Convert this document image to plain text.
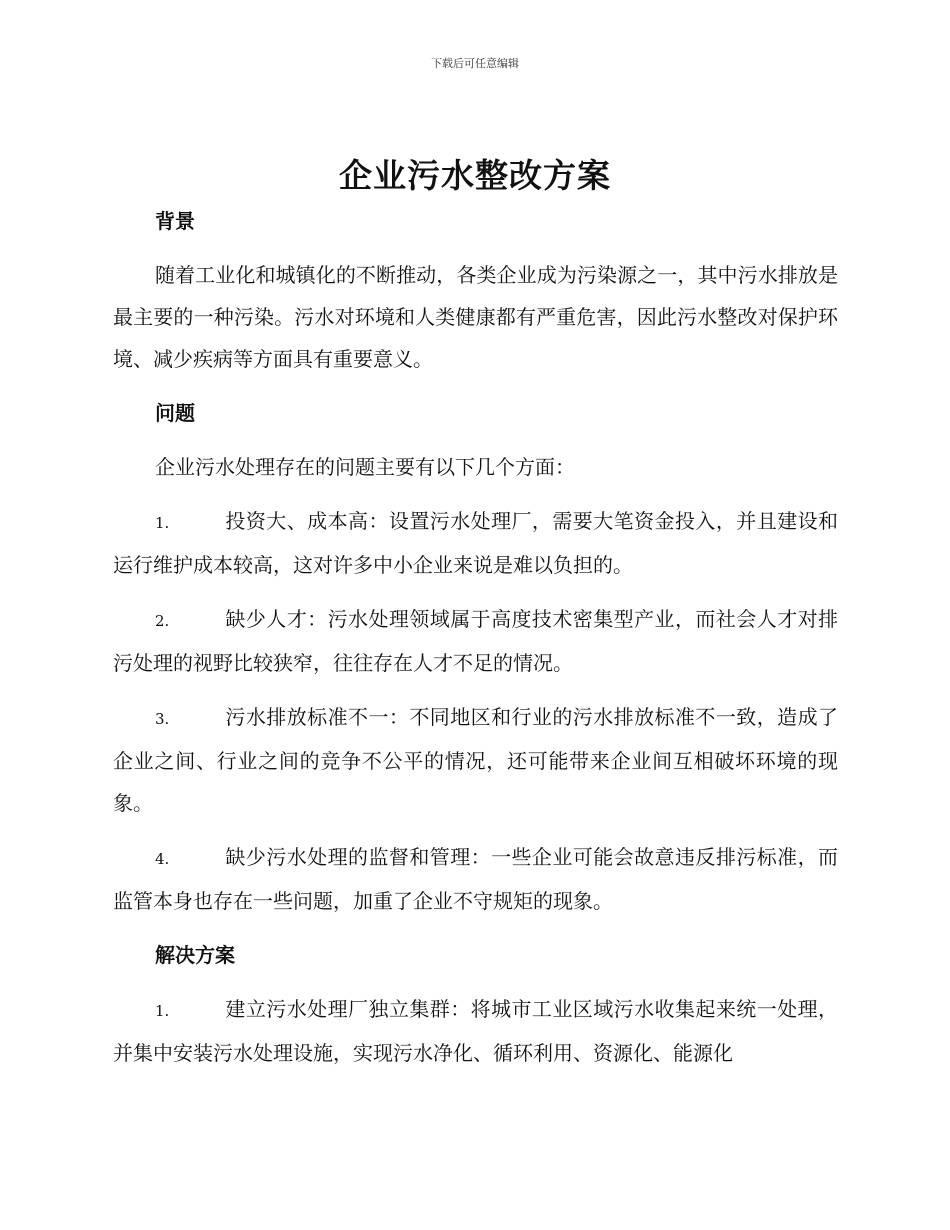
下载后可任意编辑
企业污水整改方案

背景

随着工业化和城镇化的不断推动，各类企业成为污染源之一，其中污水排放是最主要的一种污染。污水对环境和人类健康都有严重危害，因此污水整改对保护环境、减少疾病等方面具有重要意义。

问题

企业污水处理存在的问题主要有以下几个方面：

1.	投资大、成本高：设置污水处理厂，需要大笔资金投入，并且建设和运行维护成本较高，这对许多中小企业来说是难以负担的。

2.	缺少人才：污水处理领域属于高度技术密集型产业，而社会人才对排污处理的视野比较狭窄，往往存在人才不足的情况。

3.	污水排放标准不一：不同地区和行业的污水排放标准不一致，造成了企业之间、行业之间的竞争不公平的情况，还可能带来企业间互相破坏环境的现象。

4.	缺少污水处理的监督和管理：一些企业可能会故意违反排污标准，而监管本身也存在一些问题，加重了企业不守规矩的现象。

解决方案

1.	建立污水处理厂独立集群：将城市工业区域污水收集起来统一处理，并集中安装污水处理设施，实现污水净化、循环利用、资源化、能源化
